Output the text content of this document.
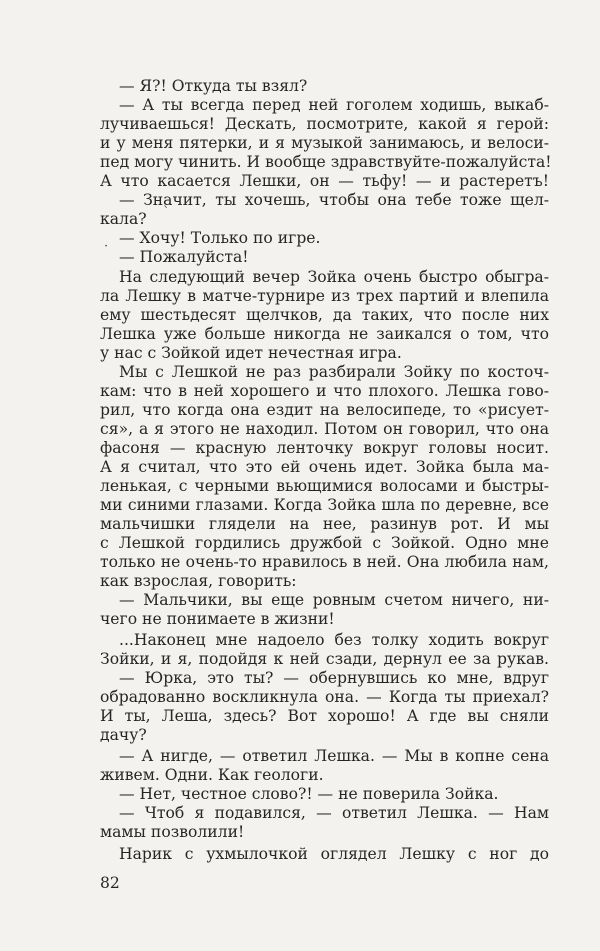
— Я?! Откуда ты взял?
— А ты всегда перед ней гоголем ходишь, выкаб-
лучиваешься! Дескать, посмотрите, какой я герой:
и у меня пятерки, и я музыкой занимаюсь, и велоси-
пед могу чинить. И вообще здравствуйте-пожалуйста!
А что касается Лешки, он — тьфу! — и растеретъ!
— Значит, ты хочешь, чтобы она тебе тоже щел-
кала?
— Хочу! Только по игре.
— Пожалуйста!
На следующий вечер Зойка очень быстро обыгра-
ла Лешку в матче-турнире из трех партий и влепила
ему шестьдесят щелчков, да таких, что после них
Лешка уже больше никогда не заикался о том, что
у нас с Зойкой идет нечестная игра.
Мы с Лешкой не раз разбирали Зойку по косточ-
кам: что в ней хорошего и что плохого. Лешка гово-
рил, что когда она ездит на велосипеде, то «рисует-
ся», а я этого не находил. Потом он говорил, что она
фасоня — красную ленточку вокруг головы носит.
А я считал, что это ей очень идет. Зойка была ма-
ленькая, с черными вьющимися волосами и быстры-
ми синими глазами. Когда Зойка шла по деревне, все
мальчишки глядели на нее, разинув рот. И мы
с Лешкой гордились дружбой с Зойкой. Одно мне
только не очень-то нравилось в ней. Она любила нам,
как взрослая, говорить:
— Мальчики, вы еще ровным счетом ничего, ни-
чего не понимаете в жизни!
...Наконец мне надоело без толку ходить вокруг
Зойки, и я, подойдя к ней сзади, дернул ее за рукав.
— Юрка, это ты? — обернувшись ко мне, вдруг
обрадованно воскликнула она. — Когда ты приехал?
И ты, Леша, здесь? Вот хорошо! А где вы сняли
дачу?
— А нигде, — ответил Лешка. — Мы в копне сена
живем. Одни. Как геологи.
— Нет, честное слово?! — не поверила Зойка.
— Чтоб я подавился, — ответил Лешка. — Нам
мамы позволили!
Нарик с ухмылочкой оглядел Лешку с ног до
82
ˋ
·
